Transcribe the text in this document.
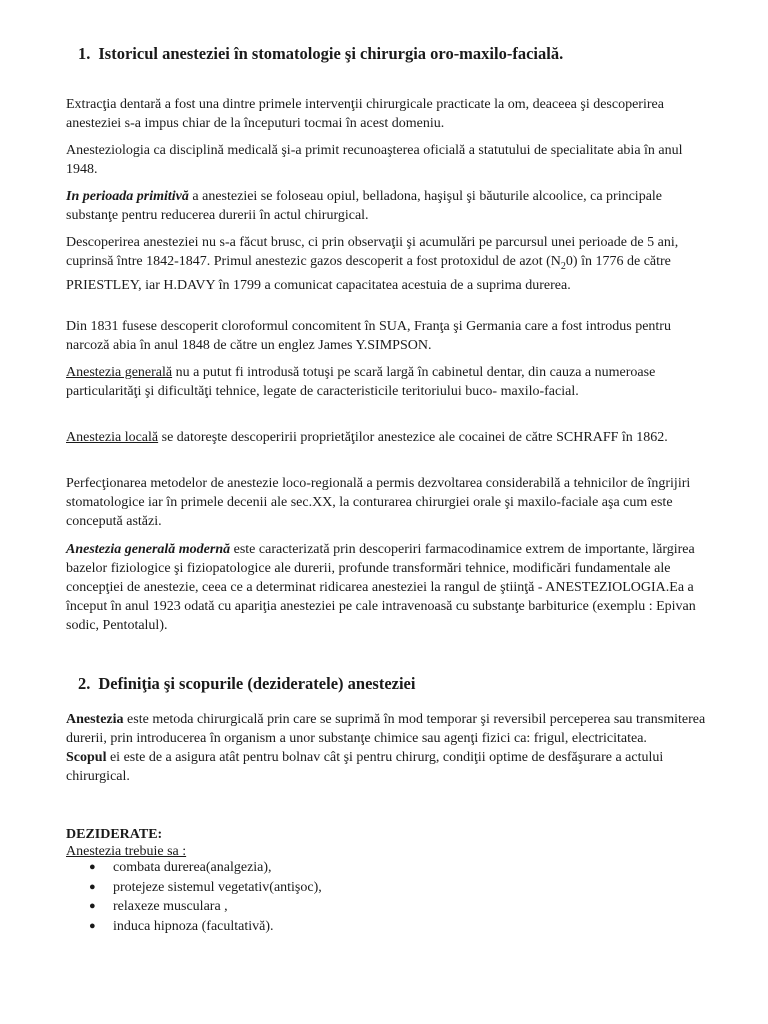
1. Istoricul anesteziei în stomatologie şi chirurgia oro-maxilo-facială.

Extracţia dentară a fost una dintre primele intervenţii chirurgicale practicate la om, deaceea şi descoperirea anesteziei s-a impus chiar de la începuturi tocmai în acest domeniu.

Anesteziologia ca disciplină medicală şi-a primit recunoaşterea oficială a statutului de specialitate abia în anul 1948.

In perioada primitivă a anesteziei se foloseau opiul, belladona, haşişul şi băuturile alcoolice, ca principale substanţe pentru reducerea durerii în actul chirurgical.

Descoperirea anesteziei nu s-a făcut brusc, ci prin observaţii şi acumulări pe parcursul unei perioade de 5 ani, cuprinsă între 1842-1847. Primul anestezic gazos descoperit a fost protoxidul de azot $(N_20)$ în 1776 de către PRIESTLEY, iar H.DAVY în 1799 a comunicat capacitatea acestuia de a suprima durerea.

Din 1831 fusese descoperit cloroformul concomitent în SUA, Franţa şi Germania care a fost introdus pentru narcoză abia în anul 1848 de către un englez James Y.SIMPSON.

Anestezia generală nu a putut fi introdusă totuşi pe scară largă în cabinetul dentar, din cauza a numeroase particularităţi şi dificultăţi tehnice, legate de caracteristicile teritoriului buco- maxilo-facial.

Anestezia locală se datoreşte descoperirii proprietăţilor anestezice ale cocainei de către SCHRAFF în 1862.

Perfecţionarea metodelor de anestezie loco-regională a permis dezvoltarea considerabilă a tehnicilor de îngrijiri stomatologice iar în primele decenii ale sec.XX, la conturarea chirurgiei orale şi maxilo-faciale aşa cum este concepută astăzi.

Anestezia generală modernă este caracterizată prin descoperiri farmacodinamice extrem de importante, lărgirea bazelor fiziologice şi fiziopatologice ale durerii, profunde transformări tehnice, modificări fundamentale ale concepţiei de anestezie, ceea ce a determinat ridicarea anesteziei la rangul de ştiinţă - ANESTEZIOLOGIA.Ea a început în anul 1923 odată cu apariţia anesteziei pe cale intravenoasă cu substanţe barbiturice (exemplu : Epivan sodic, Pentotalul).

2. Definiţia şi scopurile (dezideratele) anesteziei

Anestezia este metoda chirurgicală prin care se suprimă în mod temporar şi reversibil perceperea sau transmiterea durerii, prin introducerea în organism a unor substanţe chimice sau agenţi fizici ca: frigul, electricitatea.
Scopul ei este de a asigura atât pentru bolnav cât şi pentru chirurg, condiţii optime de desfăşurare a actului chirurgical.

DEZIDERATE:

Anestezia trebuie sa :

● combata durerea(analgezia),
● protejeze sistemul vegetativ(antişoc),
● relaxeze musculara ,
● induca hipnoza (facultativă).
